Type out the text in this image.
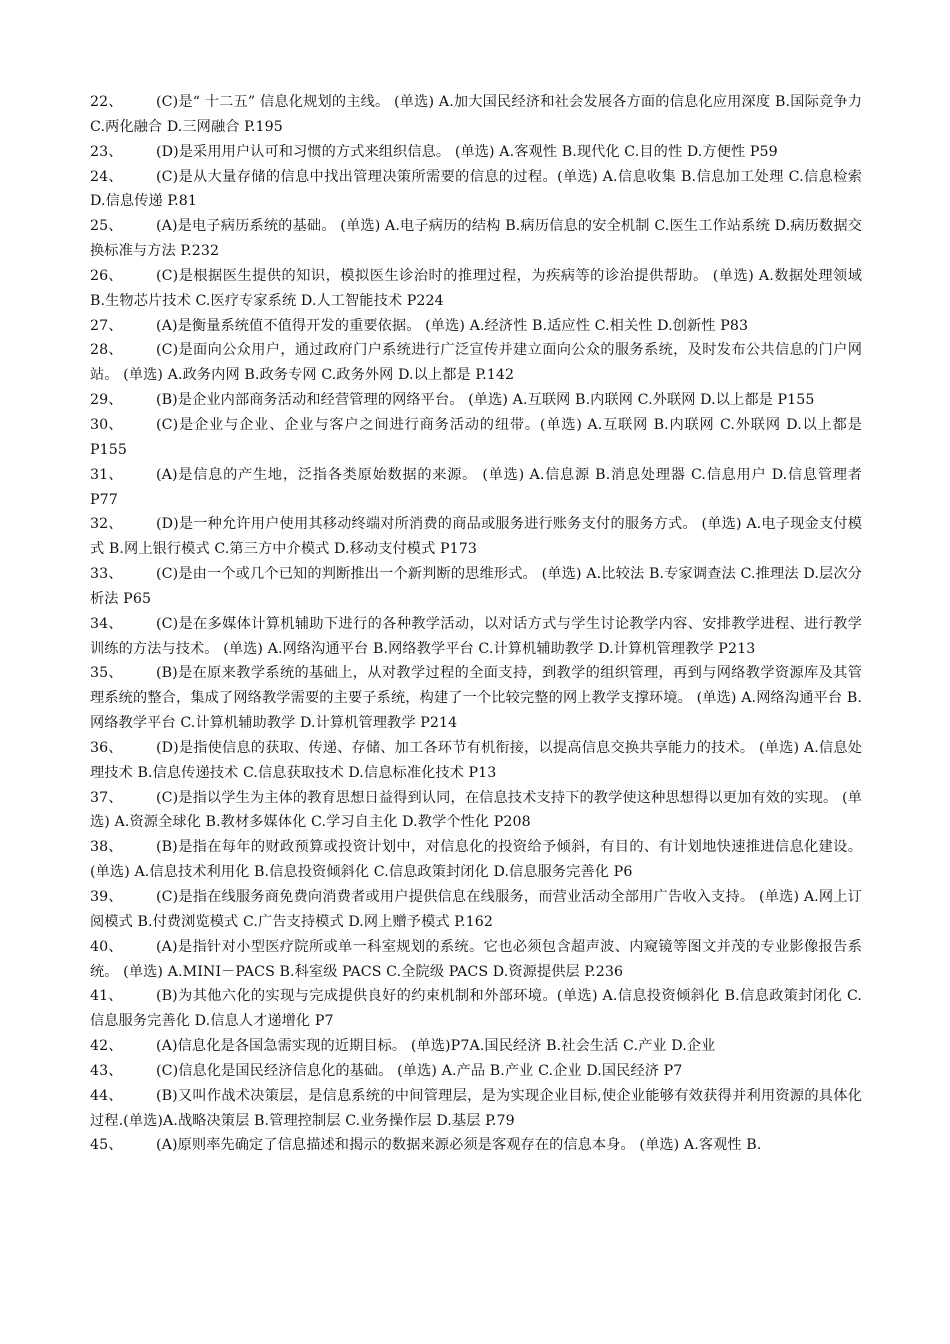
22、 (C)是“ 十二五” 信息化规划的主线。 (单选) A.加大国民经济和社会发展各方面的信息化应用深度 B.国际竞争力 C.两化融合 D.三网融合 P.195

23、 (D)是采用用户认可和习惯的方式来组织信息。 (单选) A.客观性 B.现代化 C.目的性 D.方便性 P59

24、 (C)是从大量存储的信息中找出管理决策所需要的信息的过程。(单选) A.信息收集 B.信息加工处理 C.信息检索 D.信息传递 P.81

25、 (A)是电子病历系统的基础。 (单选) A.电子病历的结构 B.病历信息的安全机制 C.医生工作站系统 D.病历数据交换标准与方法 P.232

26、 (C)是根据医生提供的知识，模拟医生诊治时的推理过程，为疾病等的诊治提供帮助。 (单选) A.数据处理领域 B.生物芯片技术 C.医疗专家系统 D.人工智能技术 P224

27、 (A)是衡量系统值不值得开发的重要依据。 (单选) A.经济性 B.适应性 C.相关性 D.创新性 P83

28、 (C)是面向公众用户，通过政府门户系统进行广泛宣传并建立面向公众的服务系统，及时发布公共信息的门户网站。 (单选) A.政务内网 B.政务专网 C.政务外网 D.以上都是 P.142

29、 (B)是企业内部商务活动和经营管理的网络平台。 (单选) A.互联网 B.内联网 C.外联网 D.以上都是 P155

30、 (C)是企业与企业、企业与客户之间进行商务活动的纽带。(单选) A.互联网 B.内联网 C.外联网 D.以上都是 P155

31、 (A)是信息的产生地，泛指各类原始数据的来源。 (单选) A.信息源 B.消息处理器 C.信息用户 D.信息管理者 P77

32、 (D)是一种允许用户使用其移动终端对所消费的商品或服务进行账务支付的服务方式。 (单选) A.电子现金支付模式 B.网上银行模式 C.第三方中介模式 D.移动支付模式 P173

33、 (C)是由一个或几个已知的判断推出一个新判断的思维形式。 (单选) A.比较法 B.专家调查法 C.推理法 D.层次分析法 P65

34、 (C)是在多媒体计算机辅助下进行的各种教学活动，以对话方式与学生讨论教学内容、安排教学进程、进行教学训练的方法与技术。 (单选) A.网络沟通平台 B.网络教学平台 C.计算机辅助教学 D.计算机管理教学 P213

35、 (B)是在原来教学系统的基础上，从对教学过程的全面支持，到教学的组织管理，再到与网络教学资源库及其管理系统的整合，集成了网络教学需要的主要子系统，构建了一个比较完整的网上教学支撑环境。 (单选) A.网络沟通平台 B.网络教学平台 C.计算机辅助教学 D.计算机管理教学 P214

36、 (D)是指使信息的获取、传递、存储、加工各环节有机衔接，以提高信息交换共享能力的技术。 (单选) A.信息处理技术 B.信息传递技术 C.信息获取技术 D.信息标准化技术 P13

37、 (C)是指以学生为主体的教育思想日益得到认同，在信息技术支持下的教学使这种思想得以更加有效的实现。 (单选) A.资源全球化 B.教材多媒体化 C.学习自主化 D.教学个性化 P208

38、 (B)是指在每年的财政预算或投资计划中，对信息化的投资给予倾斜，有目的、有计划地快速推进信息化建设。 (单选) A.信息技术利用化 B.信息投资倾斜化 C.信息政策封闭化 D.信息服务完善化 P6

39、 (C)是指在线服务商免费向消费者或用户提供信息在线服务，而营业活动全部用广告收入支持。 (单选) A.网上订阅模式 B.付费浏览模式 C.广告支持模式 D.网上赠予模式 P.162

40、 (A)是指针对小型医疗院所或单一科室规划的系统。它也必须包含超声波、内窥镜等图文并茂的专业影像报告系统。 (单选) A.MINI－PACS B.科室级 PACS C.全院级 PACS D.资源提供层 P.236

41、 (B)为其他六化的实现与完成提供良好的约束机制和外部环境。(单选) A.信息投资倾斜化 B.信息政策封闭化 C.信息服务完善化 D.信息人才递增化 P7

42、 (A)信息化是各国急需实现的近期目标。 (单选)P7A.国民经济 B.社会生活 C.产业 D.企业

43、 (C)信息化是国民经济信息化的基础。 (单选) A.产品 B.产业 C.企业 D.国民经济 P7

44、 (B)又叫作战术决策层，是信息系统的中间管理层，是为实现企业目标,使企业能够有效获得并利用资源的具体化过程.(单选)A.战略决策层 B.管理控制层 C.业务操作层 D.基层 P.79

45、 (A)原则率先确定了信息描述和揭示的数据来源必须是客观存在的信息本身。 (单选) A.客观性 B.
